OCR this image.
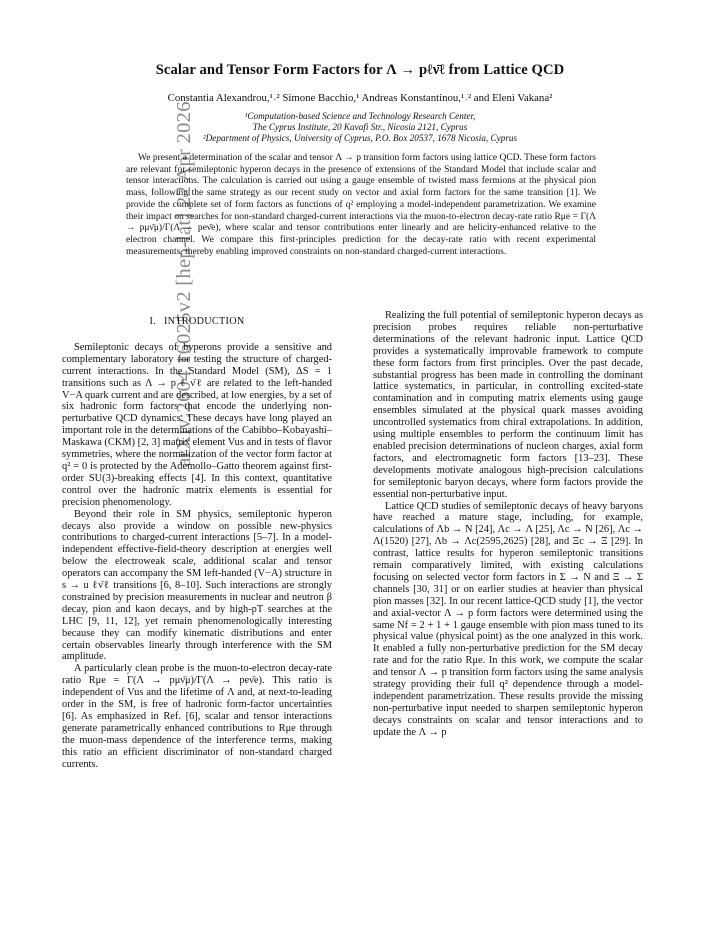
arXiv:2604.16025v2 [hep-lat] 22 Apr 2026
Scalar and Tensor Form Factors for Λ → pℓν̄ℓ from Lattice QCD
Constantia Alexandrou,¹˒² Simone Bacchio,¹ Andreas Konstantinou,¹˒² and Eleni Vakana²
¹Computation-based Science and Technology Research Center,
The Cyprus Institute, 20 Kavafi Str., Nicosia 2121, Cyprus
²Department of Physics, University of Cyprus, P.O. Box 20537, 1678 Nicosia, Cyprus
We present a determination of the scalar and tensor Λ → p transition form factors using lattice QCD. These form factors are relevant for semileptonic hyperon decays in the presence of extensions of the Standard Model that include scalar and tensor interactions. The calculation is carried out using a gauge ensemble of twisted mass fermions at the physical pion mass, following the same strategy as our recent study on vector and axial form factors for the same transition [1]. We provide the complete set of form factors as functions of q² employing a model-independent parametrization. We examine their impact on searches for non-standard charged-current interactions via the muon-to-electron decay-rate ratio Rμe = Γ(Λ → pμν̄μ)/Γ(Λ → peν̄e), where scalar and tensor contributions enter linearly and are helicity-enhanced relative to the electron channel. We compare this first-principles prediction for the decay-rate ratio with recent experimental measurements, thereby enabling improved constraints on non-standard charged-current interactions.
I. INTRODUCTION

Semileptonic decays of hyperons provide a sensitive and complementary laboratory for testing the structure of charged-current interactions. In the Standard Model (SM), ΔS = 1 transitions such as Λ → p ℓ ν̄ℓ are related to the left-handed V−A quark current and are described, at low energies, by a set of six hadronic form factors that encode the underlying non-perturbative QCD dynamics. These decays have long played an important role in the determinations of the Cabibbo–Kobayashi–Maskawa (CKM) [2, 3] matrix element Vus and in tests of flavor symmetries, where the normalization of the vector form factor at q² = 0 is protected by the Ademollo–Gatto theorem against first-order SU(3)-breaking effects [4]. In this context, quantitative control over the hadronic matrix elements is essential for precision phenomenology.

Beyond their role in SM physics, semileptonic hyperon decays also provide a window on possible new-physics contributions to charged-current interactions [5–7]. In a model-independent effective-field-theory description at energies well below the electroweak scale, additional scalar and tensor operators can accompany the SM left-handed (V−A) structure in s → u ℓν̄ℓ transitions [6, 8–10]. Such interactions are strongly constrained by precision measurements in nuclear and neutron β decay, pion and kaon decays, and by high-pT searches at the LHC [9, 11, 12], yet remain phenomenologically interesting because they can modify kinematic distributions and enter certain observables linearly through interference with the SM amplitude.

A particularly clean probe is the muon-to-electron decay-rate ratio Rμe = Γ(Λ → pμν̄μ)/Γ(Λ → peν̄e). This ratio is independent of Vus and the lifetime of Λ and, at next-to-leading order in the SM, is free of hadronic form-factor uncertainties [6]. As emphasized in Ref. [6], scalar and tensor interactions generate parametrically enhanced contributions to Rμe through the muon-mass dependence of the interference terms, making this ratio an efficient discriminator of non-standard charged currents.

Realizing the full potential of semileptonic hyperon decays as precision probes requires reliable non-perturbative determinations of the relevant hadronic input. Lattice QCD provides a systematically improvable framework to compute these form factors from first principles. Over the past decade, substantial progress has been made in controlling the dominant lattice systematics, in particular, in controlling excited-state contamination and in computing matrix elements using gauge ensembles simulated at the physical quark masses avoiding uncontrolled systematics from chiral extrapolations. In addition, using multiple ensembles to perform the continuum limit has enabled precision determinations of nucleon charges, axial form factors, and electromagnetic form factors [13–23]. These developments motivate analogous high-precision calculations for semileptonic baryon decays, where form factors provide the essential non-perturbative input.

Lattice QCD studies of semileptonic decays of heavy baryons have reached a mature stage, including, for example, calculations of Λb → N [24], Λc → Λ [25], Λc → N [26], Λc → Λ(1520) [27], Λb → Λc(2595,2625) [28], and Ξc → Ξ [29]. In contrast, lattice results for hyperon semileptonic transitions remain comparatively limited, with existing calculations focusing on selected vector form factors in Σ → N and Ξ → Σ channels [30, 31] or on earlier studies at heavier than physical pion masses [32]. In our recent lattice-QCD study [1], the vector and axial-vector Λ → p form factors were determined using the same Nf = 2 + 1 + 1 gauge ensemble with pion mass tuned to its physical value (physical point) as the one analyzed in this work. It enabled a fully non-perturbative prediction for the SM decay rate and for the ratio Rμe. In this work, we compute the scalar and tensor Λ → p transition form factors using the same analysis strategy providing their full q² dependence through a model-independent parametrization. These results provide the missing non-perturbative input needed to sharpen semileptonic hyperon decays constraints on scalar and tensor interactions and to update the Λ → p
